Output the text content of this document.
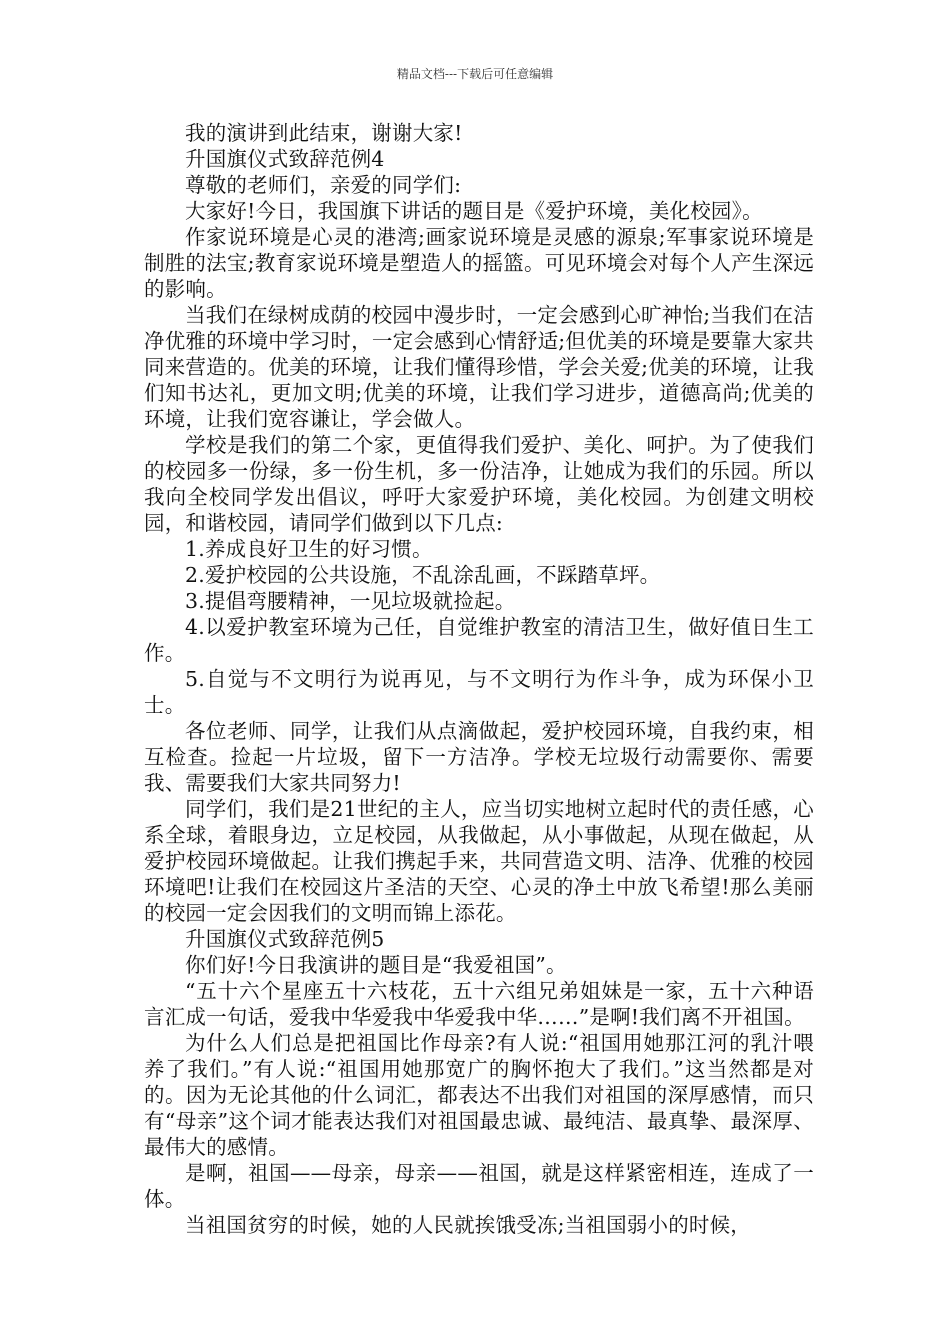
精品文档---下载后可任意编辑

我的演讲到此结束，谢谢大家!

升国旗仪式致辞范例4

尊敬的老师们，亲爱的同学们:

大家好!今日，我国旗下讲话的题目是《爱护环境，美化校园》。

作家说环境是心灵的港湾;画家说环境是灵感的源泉;军事家说环境是制胜的法宝;教育家说环境是塑造人的摇篮。可见环境会对每个人产生深远的影响。

当我们在绿树成荫的校园中漫步时，一定会感到心旷神怡;当我们在洁净优雅的环境中学习时，一定会感到心情舒适;但优美的环境是要靠大家共同来营造的。优美的环境，让我们懂得珍惜，学会关爱;优美的环境，让我们知书达礼，更加文明;优美的环境，让我们学习进步，道德高尚;优美的环境，让我们宽容谦让，学会做人。

学校是我们的第二个家，更值得我们爱护、美化、呵护。为了使我们的校园多一份绿，多一份生机，多一份洁净，让她成为我们的乐园。所以我向全校同学发出倡议，呼吁大家爱护环境，美化校园。为创建文明校园，和谐校园，请同学们做到以下几点:

1.养成良好卫生的好习惯。

2.爱护校园的公共设施，不乱涂乱画，不踩踏草坪。

3.提倡弯腰精神，一见垃圾就捡起。

4.以爱护教室环境为己任，自觉维护教室的清洁卫生，做好值日生工作。

5.自觉与不文明行为说再见，与不文明行为作斗争，成为环保小卫士。

各位老师、同学，让我们从点滴做起，爱护校园环境，自我约束，相互检查。捡起一片垃圾，留下一方洁净。学校无垃圾行动需要你、需要我、需要我们大家共同努力!

同学们，我们是21世纪的主人，应当切实地树立起时代的责任感，心系全球，着眼身边，立足校园，从我做起，从小事做起，从现在做起，从爱护校园环境做起。让我们携起手来，共同营造文明、洁净、优雅的校园环境吧!让我们在校园这片圣洁的天空、心灵的净土中放飞希望!那么美丽的校园一定会因我们的文明而锦上添花。

升国旗仪式致辞范例5

你们好!今日我演讲的题目是“我爱祖国”。

“五十六个星座五十六枝花，五十六组兄弟姐妹是一家，五十六种语言汇成一句话，爱我中华爱我中华爱我中华……”是啊!我们离不开祖国。

为什么人们总是把祖国比作母亲?有人说:“祖国用她那江河的乳汁喂养了我们。”有人说:“祖国用她那宽广的胸怀抱大了我们。”这当然都是对的。因为无论其他的什么词汇，都表达不出我们对祖国的深厚感情，而只有“母亲”这个词才能表达我们对祖国最忠诚、最纯洁、最真挚、最深厚、最伟大的感情。

是啊，祖国——母亲，母亲——祖国，就是这样紧密相连，连成了一体。

当祖国贫穷的时候，她的人民就挨饿受冻;当祖国弱小的时候，
